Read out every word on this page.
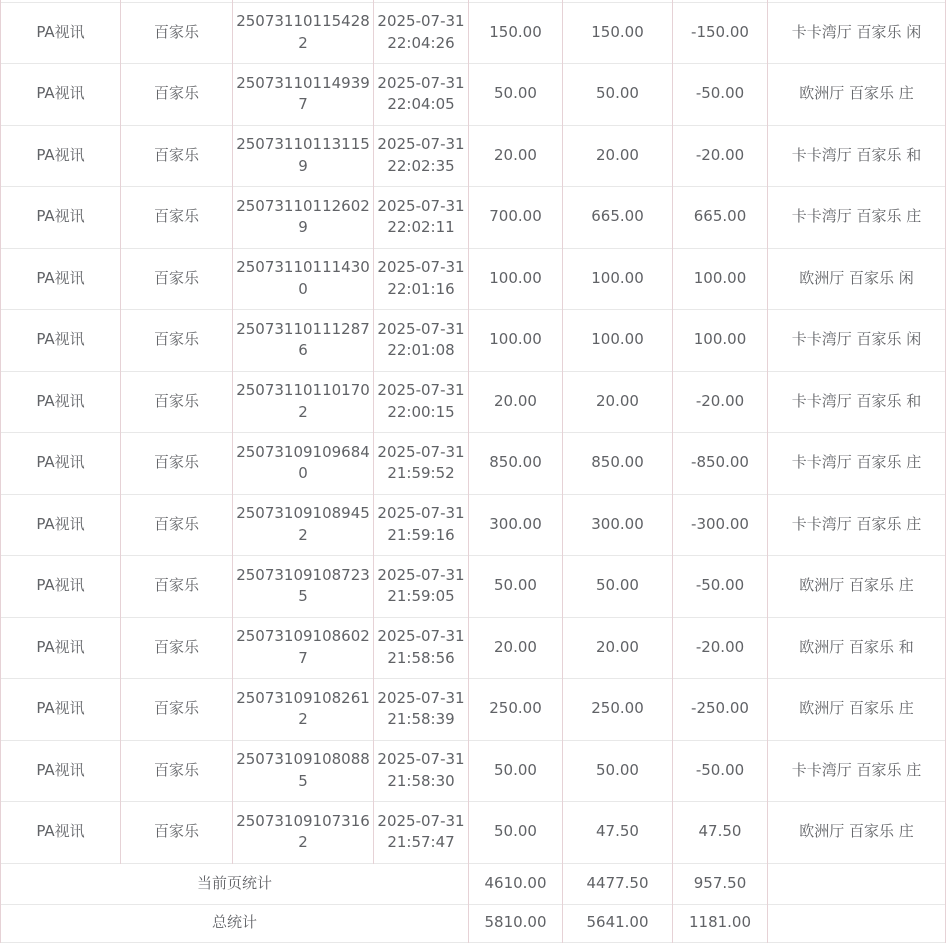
PA视讯	百家乐	250731101154282	2025-07-31 22:04:26	150.00	150.00	-150.00	卡卡湾厅 百家乐 闲
PA视讯	百家乐	250731101149397	2025-07-31 22:04:05	50.00	50.00	-50.00	欧洲厅 百家乐 庄
PA视讯	百家乐	250731101131159	2025-07-31 22:02:35	20.00	20.00	-20.00	卡卡湾厅 百家乐 和
PA视讯	百家乐	250731101126029	2025-07-31 22:02:11	700.00	665.00	665.00	卡卡湾厅 百家乐 庄
PA视讯	百家乐	250731101114300	2025-07-31 22:01:16	100.00	100.00	100.00	欧洲厅 百家乐 闲
PA视讯	百家乐	250731101112876	2025-07-31 22:01:08	100.00	100.00	100.00	卡卡湾厅 百家乐 闲
PA视讯	百家乐	250731101101702	2025-07-31 22:00:15	20.00	20.00	-20.00	卡卡湾厅 百家乐 和
PA视讯	百家乐	250731091096840	2025-07-31 21:59:52	850.00	850.00	-850.00	卡卡湾厅 百家乐 庄
PA视讯	百家乐	250731091089452	2025-07-31 21:59:16	300.00	300.00	-300.00	卡卡湾厅 百家乐 庄
PA视讯	百家乐	250731091087235	2025-07-31 21:59:05	50.00	50.00	-50.00	欧洲厅 百家乐 庄
PA视讯	百家乐	250731091086027	2025-07-31 21:58:56	20.00	20.00	-20.00	欧洲厅 百家乐 和
PA视讯	百家乐	250731091082612	2025-07-31 21:58:39	250.00	250.00	-250.00	欧洲厅 百家乐 庄
PA视讯	百家乐	250731091080885	2025-07-31 21:58:30	50.00	50.00	-50.00	卡卡湾厅 百家乐 庄
PA视讯	百家乐	250731091073162	2025-07-31 21:57:47	50.00	47.50	47.50	欧洲厅 百家乐 庄
当前页统计				4610.00	4477.50	957.50	
总统计				5810.00	5641.00	1181.00	
